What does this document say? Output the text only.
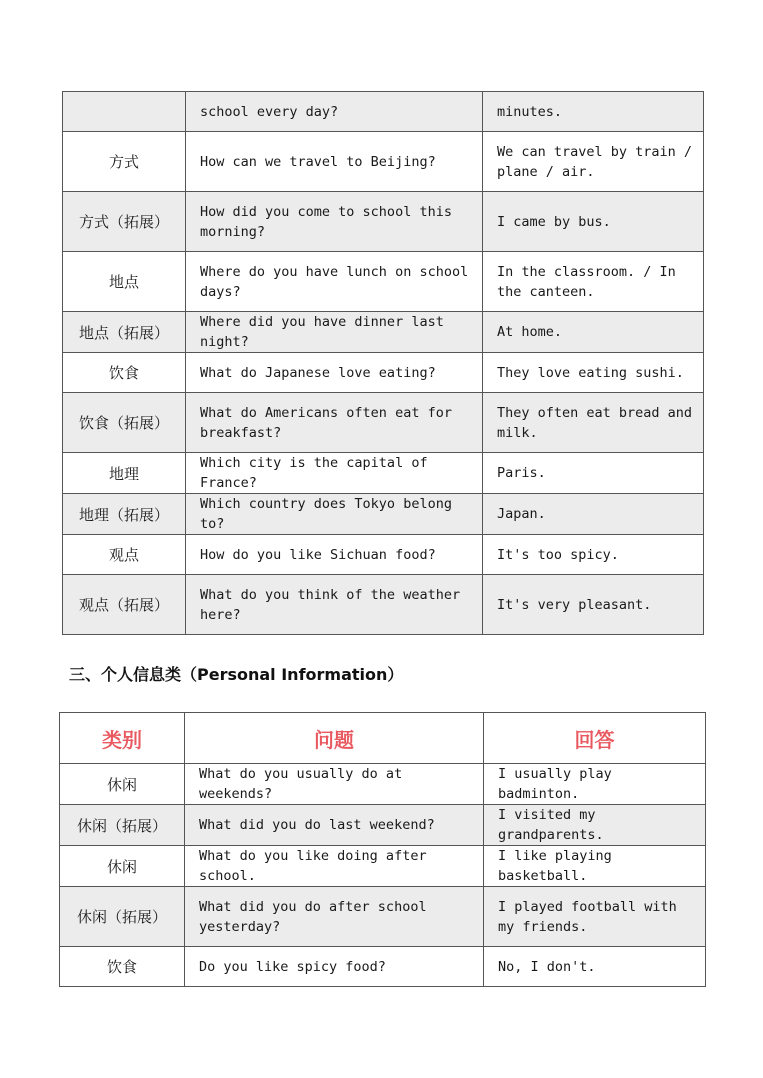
	school every day?	minutes.
方式	How can we travel to Beijing?	We can travel by train / plane / air.
方式（拓展）	How did you come to school this morning?	I came by bus.
地点	Where do you have lunch on school days?	In the classroom. / In the canteen.
地点（拓展）	Where did you have dinner last night?	At home.
饮食	What do Japanese love eating?	They love eating sushi.
饮食（拓展）	What do Americans often eat for breakfast?	They often eat bread and milk.
地理	Which city is the capital of France?	Paris.
地理（拓展）	Which country does Tokyo belong to?	Japan.
观点	How do you like Sichuan food?	It's too spicy.
观点（拓展）	What do you think of the weather here?	It's very pleasant.
三、个人信息类（Personal Information）
类别	问题	回答
休闲	What do you usually do at weekends?	I usually play badminton.
休闲（拓展）	What did you do last weekend?	I visited my grandparents.
休闲	What do you like doing after school.	I like playing basketball.
休闲（拓展）	What did you do after school yesterday?	I played football with my friends.
饮食	Do you like spicy food?	No, I don't.
